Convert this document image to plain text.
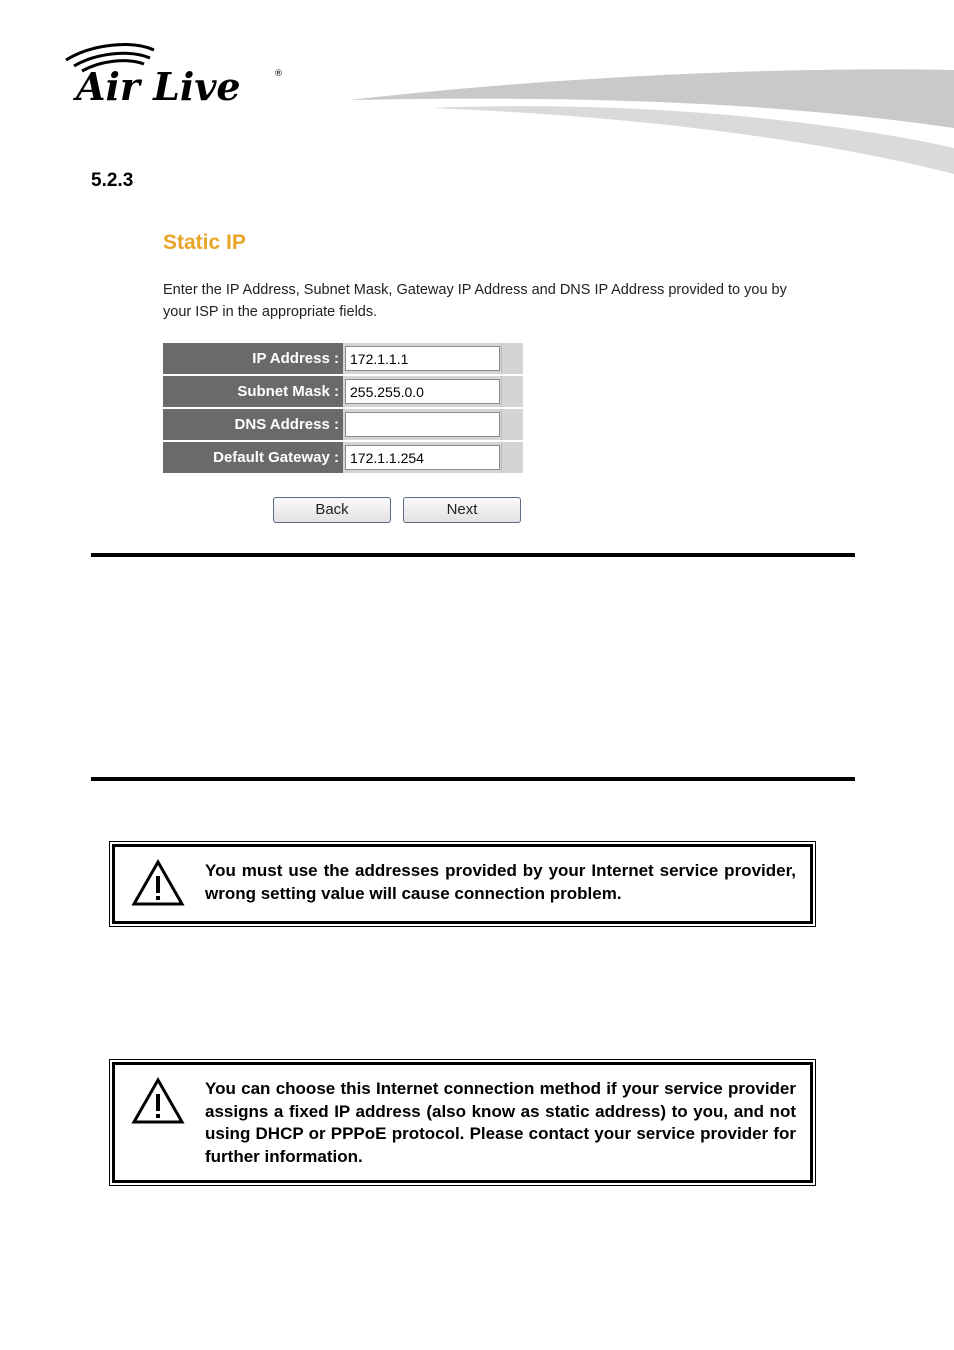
Air Live	®
5.2.3
Static IP
Enter the IP Address, Subnet Mask, Gateway IP Address and DNS IP Address provided to you by your ISP in the appropriate fields.
IP Address :
172.1.1.1
Subnet Mask :
255.255.0.0
DNS Address :
Default Gateway :
172.1.1.254
Back	Next
You must use the addresses provided by your Internet service provider, wrong setting value will cause connection problem.
You can choose this Internet connection method if your service provider assigns a fixed IP address (also know as static address) to you, and not using DHCP or PPPoE protocol. Please contact your service provider for further information.
